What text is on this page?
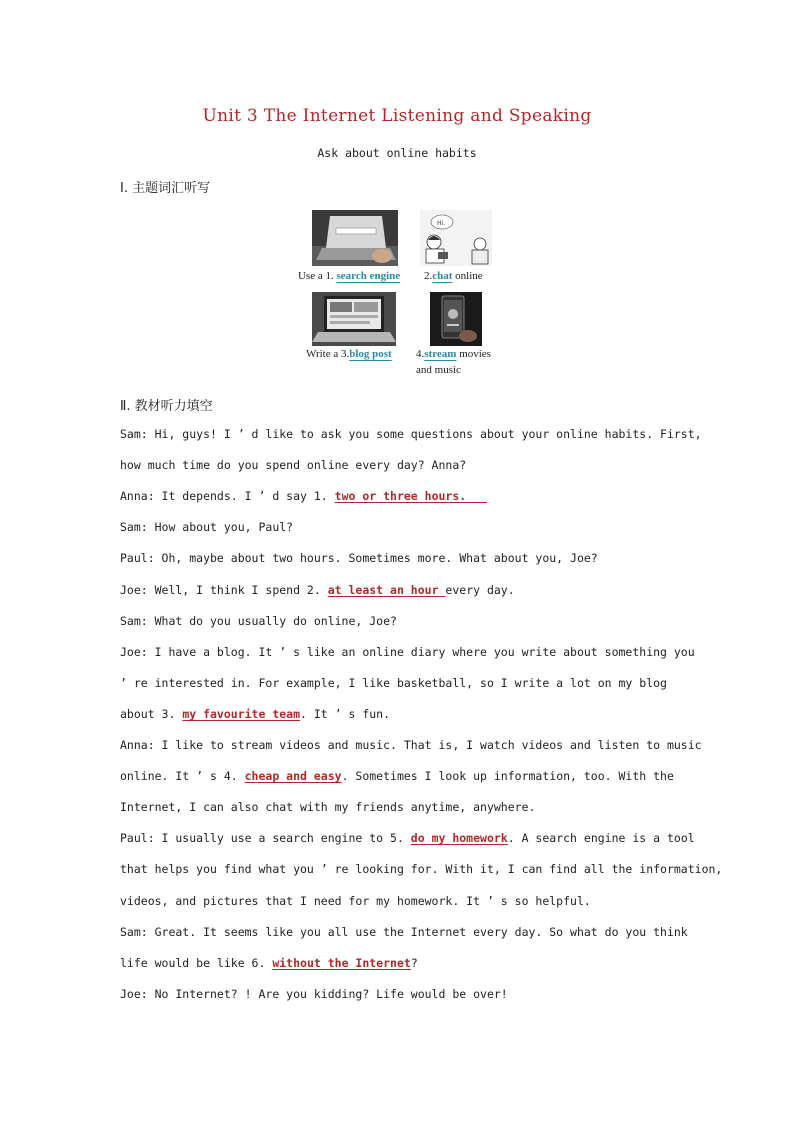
Unit 3 The Internet Listening and Speaking
Ask about online habits
Ⅰ. 主题词汇听写
Hi.
Use a 1. search engine 2.chat online
Write a 3.blog post 4.stream movies
and music
Ⅱ. 教材听力填空
Sam: Hi, guys! I ’ d like to ask you some questions about your online habits. First,
how much time do you spend online every day? Anna?
Anna: It depends. I ’ d say 1. two or three hours.
Sam: How about you, Paul?
Paul: Oh, maybe about two hours. Sometimes more. What about you, Joe?
Joe: Well, I think I spend 2. at least an hour every day.
Sam: What do you usually do online, Joe?
Joe: I have a blog. It ’ s like an online diary where you write about something you
’ re interested in. For example, I like basketball, so I write a lot on my blog
about 3. my favourite team. It ’ s fun.
Anna: I like to stream videos and music. That is, I watch videos and listen to music
online. It ’ s 4. cheap and easy. Sometimes I look up information, too. With the
Internet, I can also chat with my friends anytime, anywhere.
Paul: I usually use a search engine to 5. do my homework. A search engine is a tool
that helps you find what you ’ re looking for. With it, I can find all the information,
videos, and pictures that I need for my homework. It ’ s so helpful.
Sam: Great. It seems like you all use the Internet every day. So what do you think
life would be like 6. without the Internet?
Joe: No Internet? ! Are you kidding? Life would be over!
